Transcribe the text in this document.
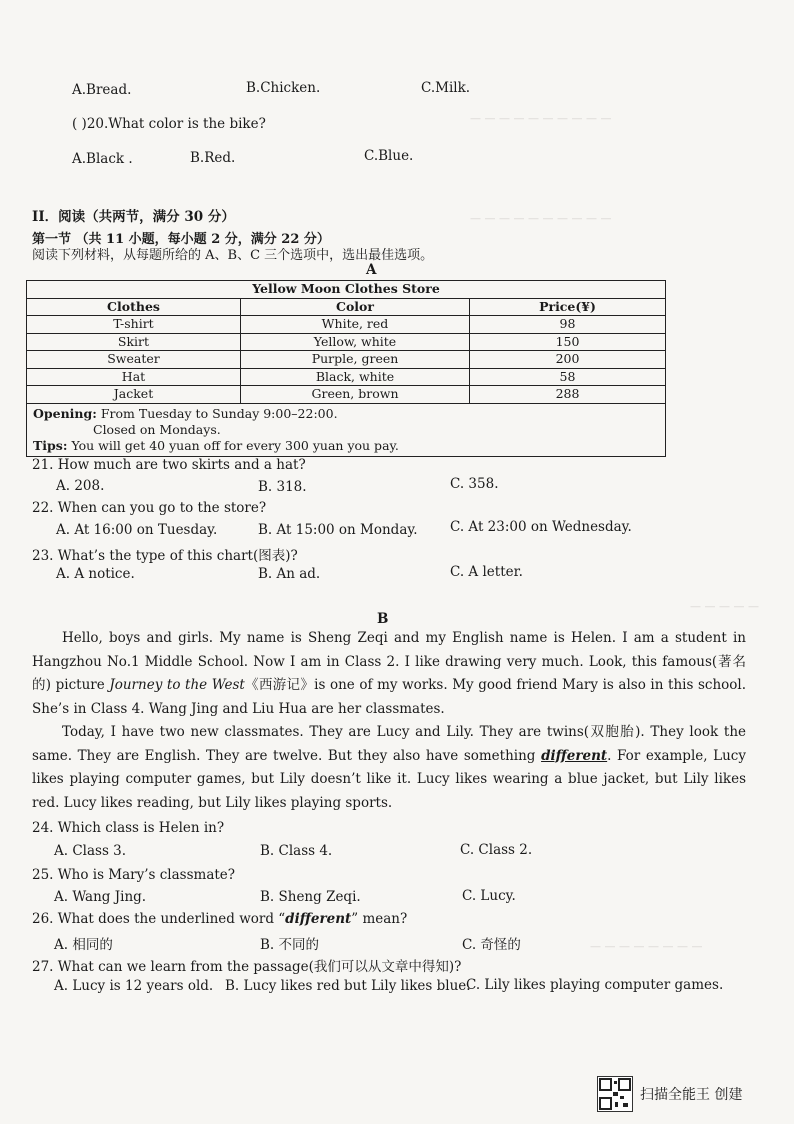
— — — — — — — — — —
— — — — — — — — — —
— — — — —
— — — — — — — —
A.Bread.	B.Chicken.	C.Milk.
( )20.What color is the bike?
A.Black .	B.Red.	C.Blue.
II．阅读（共两节，满分 30 分）
第一节 （共 11 小题，每小题 2 分，满分 22 分）
阅读下列材料，从每题所给的 A、B、C 三个选项中，选出最佳选项。
A
Yellow Moon Clothes Store		
Clothes	Color	Price(¥)
T-shirt	White, red	98
Skirt	Yellow, white	150
Sweater	Purple, green	200
Hat	Black, white	58
Jacket	Green, brown	288

Opening: From Tuesday to Sunday 9:00–22:00.
Closed on Mondays.
Tips: You will get 40 yuan off for every 300 yuan you pay.		
21. How much are two skirts and a hat?
A. 208.	B. 318.	C. 358.
22. When can you go to the store?
A. At 16:00 on Tuesday.	B. At 15:00 on Monday. C. At 23:00 on Wednesday.
23. What’s the type of this chart(图表)?
A. A notice.	B. An ad.	C. A letter.
B
Hello, boys and girls. My name is Sheng Zeqi and my English name is Helen. I am a student in Hangzhou No.1 Middle School. Now I am in Class 2. I like drawing very much. Look, this famous(著名的) picture Journey to the West《西游记》is one of my works. My good friend Mary is also in this school. She’s in Class 4. Wang Jing and Liu Hua are her classmates.
Today, I have two new classmates. They are Lucy and Lily. They are twins(双胞胎). They look the same. They are English. They are twelve. But they also have something different. For example, Lucy likes playing computer games, but Lily doesn’t like it. Lucy likes wearing a blue jacket, but Lily likes red. Lucy likes reading, but Lily likes playing sports.
24. Which class is Helen in?
A. Class 3.	B. Class 4.	C. Class 2.
25. Who is Mary’s classmate?
A. Wang Jing.	B. Sheng Zeqi.	C. Lucy.
26. What does the underlined word “different” mean?
A. 相同的	B. 不同的	C. 奇怪的
27. What can we learn from the passage(我们可以从文章中得知)?
A. Lucy is 12 years old. B. Lucy likes red but Lily likes blue.
C. Lily likes playing computer games.
扫描全能王 创建
